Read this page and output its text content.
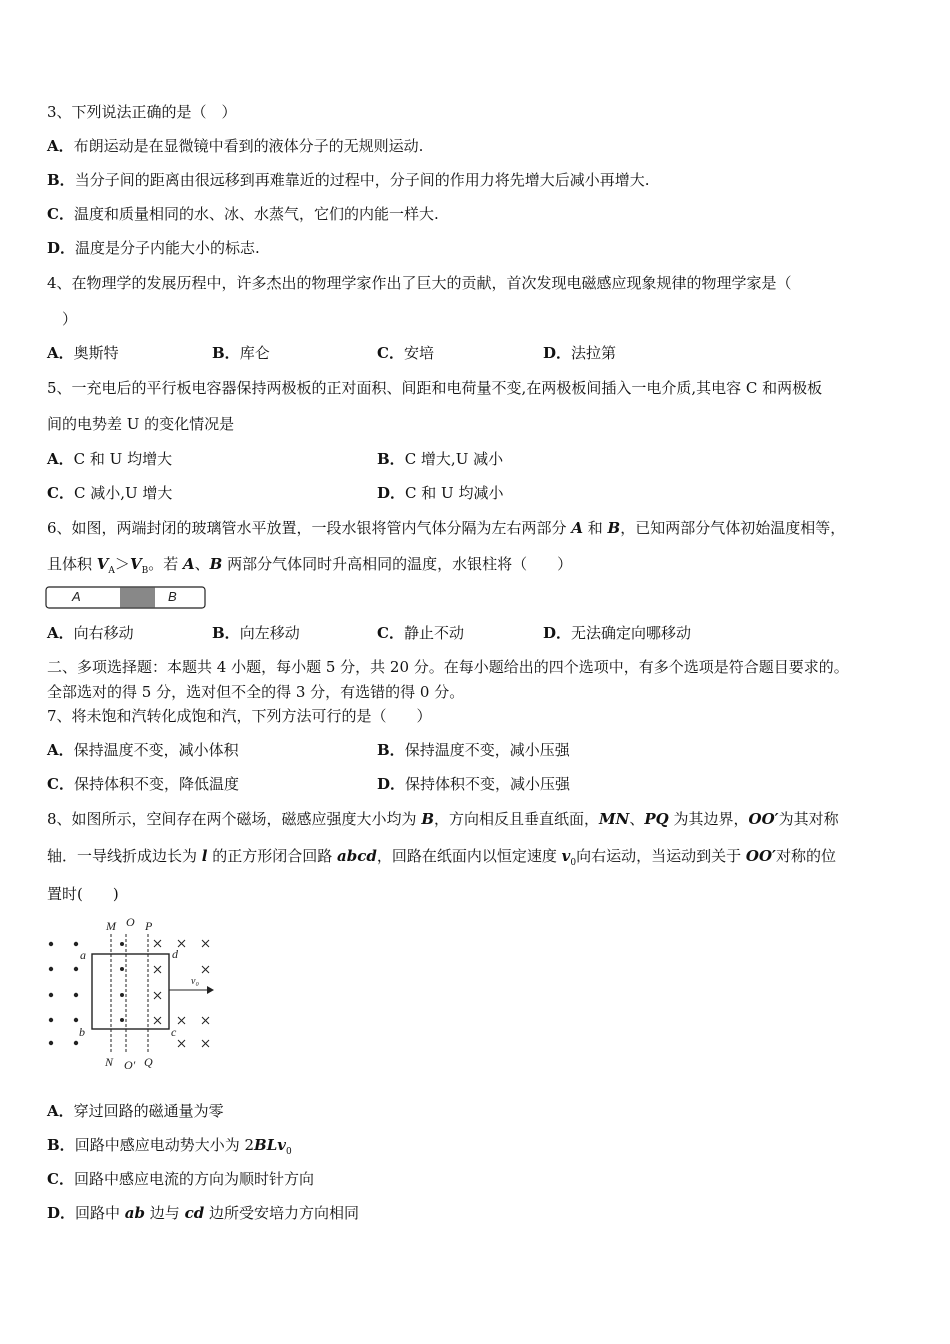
3、下列说法正确的是（　）
A．布朗运动是在显微镜中看到的液体分子的无规则运动.
B．当分子间的距离由很远移到再难靠近的过程中，分子间的作用力将先增大后减小再增大.
C．温度和质量相同的水、冰、水蒸气，它们的内能一样大.
D．温度是分子内能大小的标志.
4、在物理学的发展历程中，许多杰出的物理学家作出了巨大的贡献，首次发现电磁感应现象规律的物理学家是（
）
A．奥斯特	B．库仑	C．安培	D．法拉第
5、一充电后的平行板电容器保持两极板的正对面积、间距和电荷量不变,在两极板间插入一电介质,其电容 C 和两极板
间的电势差 U 的变化情况是
A．C 和 U 均增大	B．C 增大,U 减小
C．C 减小,U 增大	D．C 和 U 均减小
6、如图，两端封闭的玻璃管水平放置，一段水银将管内气体分隔为左右两部分 A 和 B，已知两部分气体初始温度相等，
且体积 $V_A>V_B$。若 A、B 两部分气体同时升高相同的温度，水银柱将（　　）
A	B
A．向右移动	B．向左移动	C．静止不动	D．无法确定向哪移动
二、多项选择题：本题共 4 小题，每小题 5 分，共 20 分。在每小题给出的四个选项中，有多个选项是符合题目要求的。
全部选对的得 5 分，选对但不全的得 3 分，有选错的得 0 分。
7、将未饱和汽转化成饱和汽，下列方法可行的是（　　）
A．保持温度不变，减小体积	B．保持温度不变，减小压强
C．保持体积不变，降低温度	D．保持体积不变，减小压强
8、如图所示，空间存在两个磁场，磁感应强度大小均为 B，方向相反且垂直纸面，MN、PQ 为其边界，OO′为其对称
轴．一导线折成边长为 l 的正方形闭合回路 abcd，回路在纸面内以恒定速度 $v_0$向右运动，当运动到关于 OO′对称的位
置时(　　)
M O P
N O′ Q
a
b	c
d
v₀
A．穿过回路的磁通量为零
B．回路中感应电动势大小为 2BLv$_0$
C．回路中感应电流的方向为顺时针方向
D．回路中 ab 边与 cd 边所受安培力方向相同
